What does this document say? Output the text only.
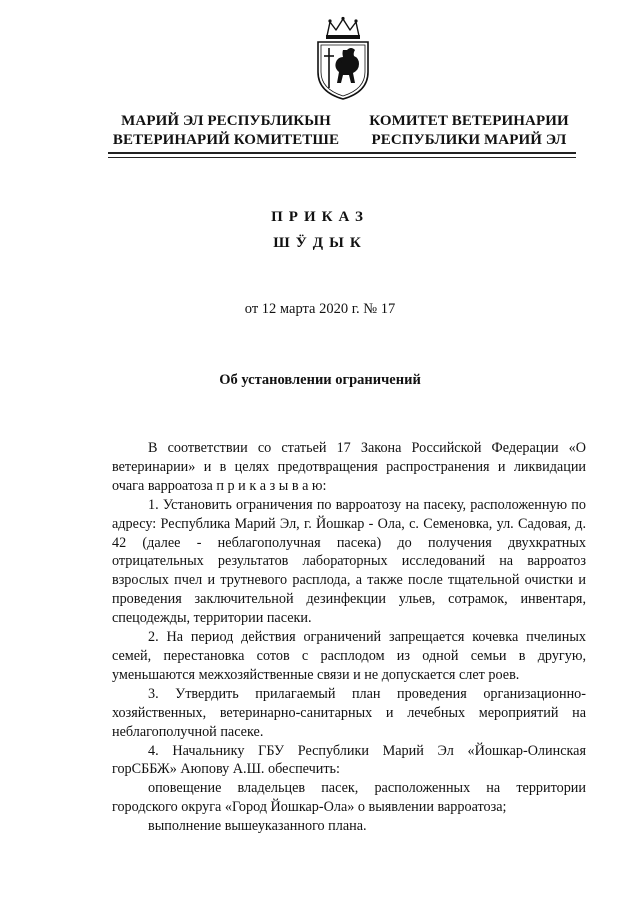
МАРИЙ ЭЛ РЕСПУБЛИКЫН
ВЕТЕРИНАРИЙ КОМИТЕТШЕ
КОМИТЕТ ВЕТЕРИНАРИИ
РЕСПУБЛИКИ МАРИЙ ЭЛ
ПРИКАЗ
ШӰДЫК
от 12 марта 2020 г. № 17
Об установлении ограничений

В соответствии со статьей 17 Закона Российской Федерации «О ветеринарии» и в целях предотвращения распространения и ликвидации очага варроатоза п р и к а з ы в а ю:

1. Установить ограничения по варроатозу на пасеку, расположенную по адресу: Республика Марий Эл, г. Йошкар - Ола, с. Семеновка, ул. Садовая, д. 42 (далее - неблагополучная пасека) до получения двухкратных отрицательных результатов лабораторных исследований на варроатоз взрослых пчел и трутневого расплода, а также после тщательной очистки и проведения заключительной дезинфекции ульев, сотрамок, инвентаря, спецодежды, территории пасеки.

2. На период действия ограничений запрещается кочевка пчелиных семей, перестановка сотов с расплодом из одной семьи в другую, уменьшаются межхозяйственные связи и не допускается слет роев.

3. Утвердить прилагаемый план проведения организационно-хозяйственных, ветеринарно-санитарных и лечебных мероприятий на неблагополучной пасеке.

4. Начальнику ГБУ Республики Марий Эл «Йошкар-Олинская горСББЖ» Аюпову А.Ш. обеспечить:

оповещение владельцев пасек, расположенных на территории городского округа «Город Йошкар-Ола» о выявлении варроатоза;

выполнение вышеуказанного плана.
